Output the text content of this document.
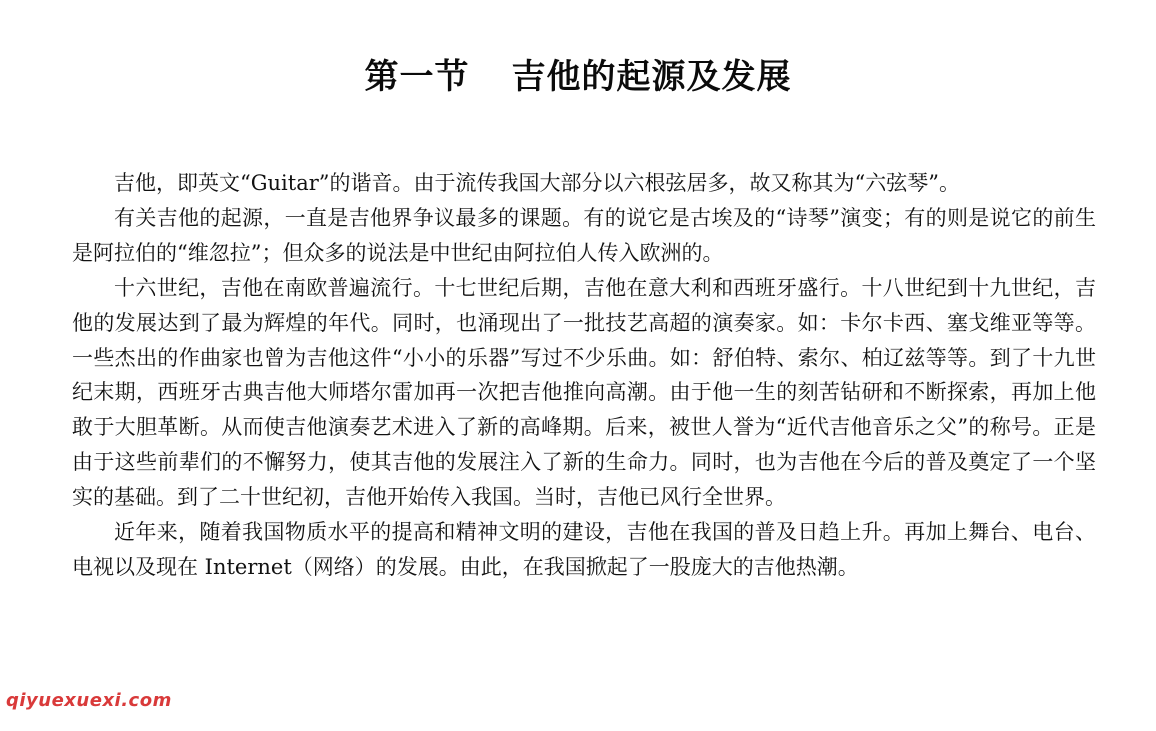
第一节 吉他的起源及发展

吉他，即英文“Guitar”的谐音。由于流传我国大部分以六根弦居多，故又称其为“六弦琴”。

有关吉他的起源，一直是吉他界争议最多的课题。有的说它是古埃及的“诗琴”演变；有的则是说它的前生是阿拉伯的“维忽拉”；但众多的说法是中世纪由阿拉伯人传入欧洲的。

十六世纪，吉他在南欧普遍流行。十七世纪后期，吉他在意大利和西班牙盛行。十八世纪到十九世纪，吉他的发展达到了最为辉煌的年代。同时，也涌现出了一批技艺高超的演奏家。如：卡尔卡西、塞戈维亚等等。一些杰出的作曲家也曾为吉他这件“小小的乐器”写过不少乐曲。如：舒伯特、索尔、柏辽兹等等。到了十九世纪末期，西班牙古典吉他大师塔尔雷加再一次把吉他推向高潮。由于他一生的刻苦钻研和不断探索，再加上他敢于大胆革断。从而使吉他演奏艺术进入了新的高峰期。后来，被世人誉为“近代吉他音乐之父”的称号。正是由于这些前辈们的不懈努力，使其吉他的发展注入了新的生命力。同时，也为吉他在今后的普及奠定了一个坚实的基础。到了二十世纪初，吉他开始传入我国。当时，吉他已风行全世界。

近年来，随着我国物质水平的提高和精神文明的建设，吉他在我国的普及日趋上升。再加上舞台、电台、电视以及现在 Internet（网络）的发展。由此，在我国掀起了一股庞大的吉他热潮。

qiyuexuexi.com
